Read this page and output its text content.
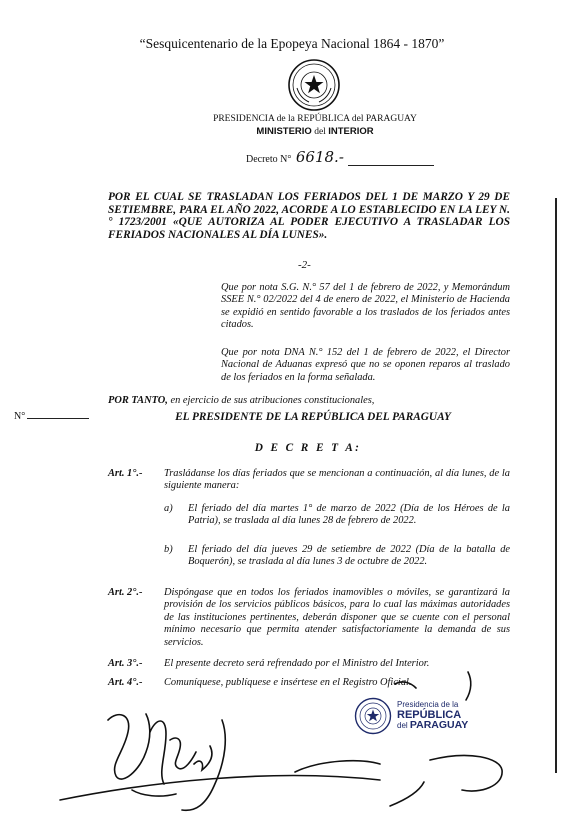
“Sesquicentenario de la Epopeya Nacional 1864 - 1870”
PRESIDENCIA de la REPÚBLICA del PARAGUAY
MINISTERIO del INTERIOR
Decreto N° 6618.-
POR EL CUAL SE TRASLADAN LOS FERIADOS DEL 1 DE MARZO Y 29 DE SETIEMBRE, PARA EL AÑO 2022, ACORDE A LO ESTABLECIDO EN LA LEY N.° 1723/2001 «QUE AUTORIZA AL PODER EJECUTIVO A TRASLADAR LOS FERIADOS NACIONALES AL DÍA LUNES».
-2-
Que por nota S.G. N.° 57 del 1 de febrero de 2022, y Memorándum SSEE N.° 02/2022 del 4 de enero de 2022, el Ministerio de Hacienda se expidió en sentido favorable a los traslados de los feriados antes citados.
Que por nota DNA N.° 152 del 1 de febrero de 2022, el Director Nacional de Aduanas expresó que no se oponen reparos al traslado de los feriados en la forma señalada.
POR TANTO, en ejercicio de sus atribuciones constitucionales,
N°	EL PRESIDENTE DE LA REPÚBLICA DEL PARAGUAY
D E C R E T A:
Art. 1°.- Trasládanse los días feriados que se mencionan a continuación, al día lunes, de la siguiente manera:
a) El feriado del día martes 1° de marzo de 2022 (Día de los Héroes de la Patria), se traslada al día lunes 28 de febrero de 2022.
b) El feriado del día jueves 29 de setiembre de 2022 (Día de la batalla de Boquerón), se traslada al día lunes 3 de octubre de 2022.
Art. 2°.- Dispóngase que en todos los feriados inamovibles o móviles, se garantizará la provisión de los servicios públicos básicos, para lo cual las máximas autoridades de las instituciones pertinentes, deberán disponer que se cuente con el personal mínimo necesario que permita atender satisfactoriamente la demanda de sus servicios.
Art. 3°.- El presente decreto será refrendado por el Ministro del Interior.
Art. 4°.- Comuníquese, publíquese e insértese en el Registro Oficial.
Presidencia de la
REPÚBLICA
del PARAGUAY
